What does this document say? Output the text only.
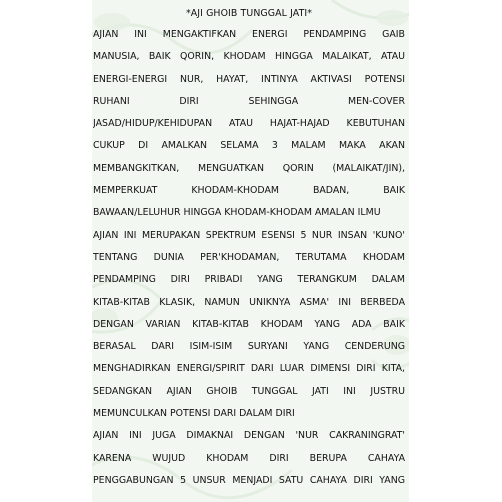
*AJI GHOIB TUNGGAL JATI*
AJIAN INI MENGAKTIFKAN ENERGI PENDAMPING GAIB
MANUSIA, BAIK QORIN, KHODAM HINGGA MALAIKAT, ATAU
ENERGI-ENERGI NUR, HAYAT, INTINYA AKTIVASI POTENSI
RUHANI DIRI SEHINGGA MEN-COVER
JASAD/HIDUP/KEHIDUPAN ATAU HAJAT-HAJAD KEBUTUHAN
CUKUP DI AMALKAN SELAMA 3 MALAM MAKA AKAN
MEMBANGKITKAN, MENGUATKAN QORIN (MALAIKAT/JIN),
MEMPERKUAT KHODAM-KHODAM BADAN, BAIK
BAWAAN/LELUHUR HINGGA KHODAM-KHODAM AMALAN ILMU
AJIAN INI MERUPAKAN SPEKTRUM ESENSI 5 NUR INSAN 'KUNO'
TENTANG DUNIA PER'KHODAMAN, TERUTAMA KHODAM
PENDAMPING DIRI PRIBADI YANG TERANGKUM DALAM
KITAB-KITAB KLASIK, NAMUN UNIKNYA ASMA' INI BERBEDA
DENGAN VARIAN KITAB-KITAB KHODAM YANG ADA BAIK
BERASAL DARI ISIM-ISIM SURYANI YANG CENDERUNG
MENGHADIRKAN ENERGI/SPIRIT DARI LUAR DIMENSI DIRI KITA,
SEDANGKAN AJIAN GHOIB TUNGGAL JATI INI JUSTRU
MEMUNCULKAN POTENSI DARI DALAM DIRI
AJIAN INI JUGA DIMAKNAI DENGAN 'NUR CAKRANINGRAT'
KARENA WUJUD KHODAM DIRI BERUPA CAHAYA
PENGGABUNGAN 5 UNSUR MENJADI SATU CAHAYA DIRI YANG
